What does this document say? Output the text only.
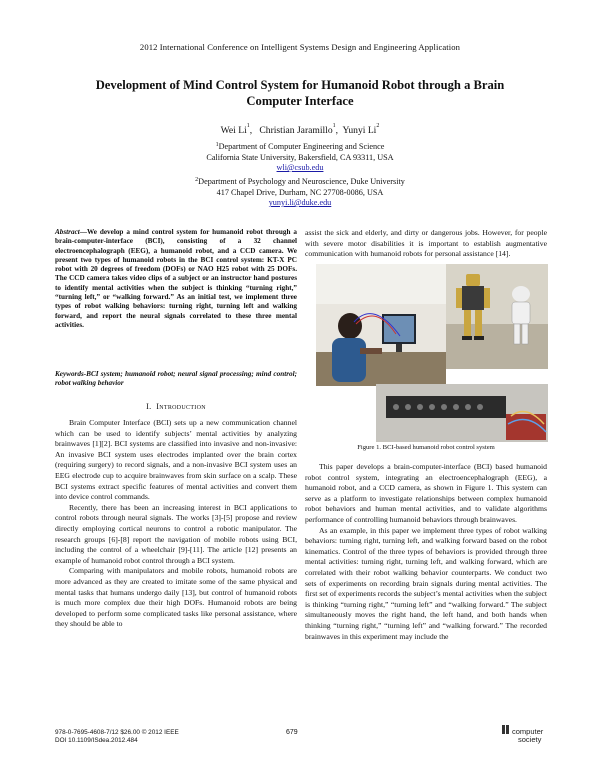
2012 International Conference on Intelligent Systems Design and Engineering Application
Development of Mind Control System for Humanoid Robot through a Brain Computer Interface
Wei Li$^1$,   Christian Jaramillo$^1$,  Yunyi Li$^2$
$^1$Department of Computer Engineering and Science
California State University, Bakersfield, CA 93311, USA
wli@csub.edu
$^2$Department of Psychology and Neuroscience, Duke University
417 Chapel Drive, Durham, NC 27708-0086, USA
yunyi.li@duke.edu
Abstract—We develop a mind control system for humanoid robot through a brain-computer-interface (BCI), consisting of a 32 channel electroencephalograph (EEG), a humanoid robot, and a CCD camera. We present two types of humanoid robots in the BCI control system: KT-X PC robot with 20 degrees of freedom (DOFs) or NAO H25 robot with 25 DOFs. The CCD camera takes video clips of a subject or an instructor hand postures to identify mental activities when the subject is thinking “turning right,” “turning left,” or “walking forward.” As an initial test, we implement three types of robot walking behaviors: turning right, turning left and walking forward, and report the neural signals correlated to these three mental activities.
Keywords-BCI system; humanoid robot; neural signal processing; mind control; robot walking behavior
I. Introduction

Brain Computer Interface (BCI) sets up a new communication channel which can be used to identify subjects’ mental activities by analyzing brainwaves [1][2]. BCI systems are classified into invasive and non-invasive: An invasive BCI system uses electrodes implanted over the brain cortex (requiring surgery) to record signals, and a non-invasive BCI system uses an EEG electrode cup to acquire brainwaves from skin surface on a scalp. These BCI systems extract specific features of mental activities and convert them into device control commands.

Recently, there has been an increasing interest in BCI applications to control robots through neural signals. The works [3]-[5] propose and review directly employing cortical neurons to control a robotic manipulator. The research groups [6]-[8] report the navigation of mobile robots using BCI, including the control of a wheelchair [9]-[11]. The article [12] presents an example of humanoid robot control through a BCI system.

Comparing with manipulators and mobile robots, humanoid robots are more advanced as they are created to imitate some of the same physical and mental tasks that humans undergo daily [13], but control of humanoid robots is much more complex due their high DOFs. Humanoid robots are being developed to perform some complicated tasks like personal assistance, where they should be able to

assist the sick and elderly, and dirty or dangerous jobs. However, for people with severe motor disabilities it is important to establish augmentative communication with humanoid robots for personal assistance [14].

Figure 1. BCI-based humanoid robot control system

This paper develops a brain-computer-interface (BCI) based humanoid robot control system, integrating an electroencephalograph (EEG), a humanoid robot, and a CCD camera, as shown in Figure 1. This system can serve as a platform to investigate relationships between complex humanoid robot behaviors and human mental activities, and to validate algorithms performance of controlling humanoid behaviors through brainwaves.

As an example, in this paper we implement three types of robot walking behaviors: turning right, turning left, and walking forward based on the robot kinematics. Control of the three types of behaviors is provided through three mental activities: turning right, turning left, and walking forward, which are correlated with their robot walking behavior counterparts. We conduct two sets of experiments on recording brain signals during mental activities. The first set of experiments records the subject’s mental activities when the subject is thinking “turning right,” “turning left” and “walking forward.” The subject simultaneously moves the right hand, the left hand, and both hands when thinking “turning right,” “turning left” and “walking forward.” The recorded brainwaves in this experiment may include the

978-0-7695-4608-7/12 $26.00 © 2012 IEEE
DOI 10.1109/ISdea.2012.484
679	computer
society
